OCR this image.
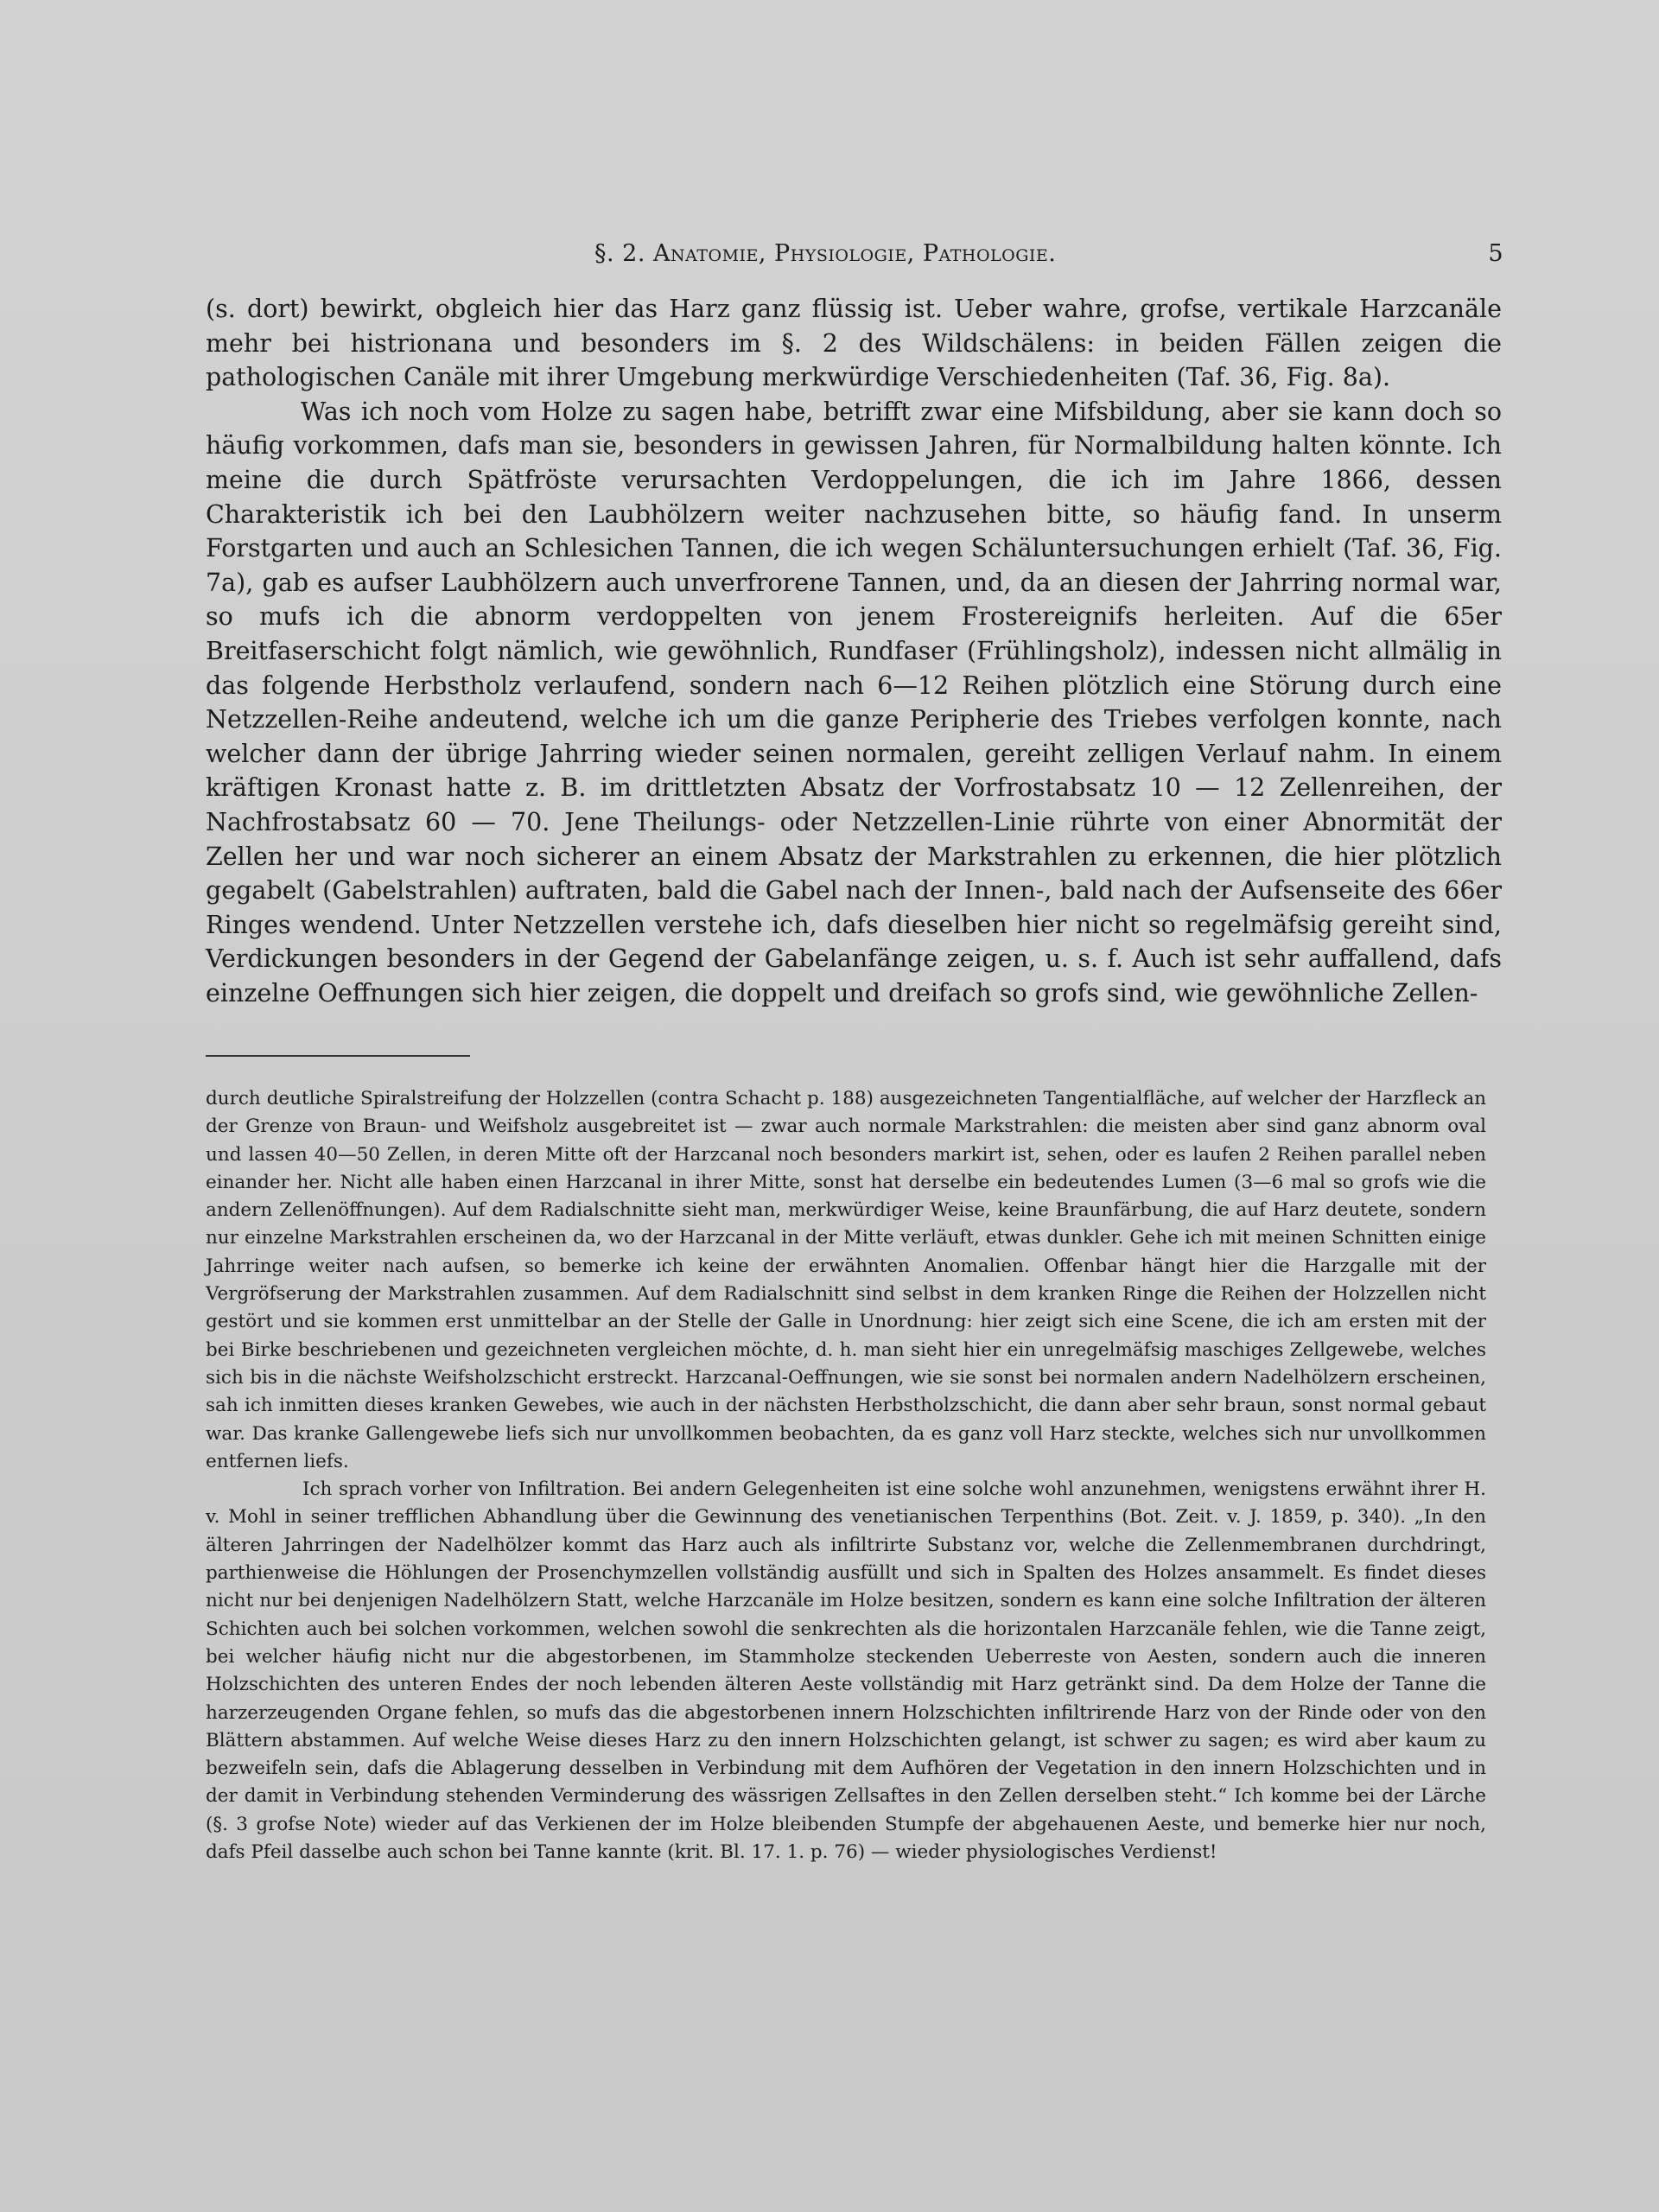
§. 2. Anatomie, Physiologie, Pathologie.	5

(s. dort) bewirkt, obgleich hier das Harz ganz flüssig ist. Ueber wahre, grofse, vertikale Harzcanäle mehr bei histrionana und besonders im §. 2 des Wildschälens: in beiden Fällen zeigen die pathologischen Canäle mit ihrer Umgebung merkwürdige Verschiedenheiten (Taf. 36, Fig. 8a).

Was ich noch vom Holze zu sagen habe, betrifft zwar eine Mifsbildung, aber sie kann doch so häufig vorkommen, dafs man sie, besonders in gewissen Jahren, für Normalbildung halten könnte. Ich meine die durch Spätfröste verursachten Verdoppelungen, die ich im Jahre 1866, dessen Charakteristik ich bei den Laubhölzern weiter nachzusehen bitte, so häufig fand. In unserm Forstgarten und auch an Schlesichen Tannen, die ich wegen Schäluntersuchungen erhielt (Taf. 36, Fig. 7a), gab es aufser Laubhölzern auch unverfrorene Tannen, und, da an diesen der Jahrring normal war, so mufs ich die abnorm verdoppelten von jenem Frostereignifs herleiten. Auf die 65er Breitfaserschicht folgt nämlich, wie gewöhnlich, Rundfaser (Frühlingsholz), indessen nicht allmälig in das folgende Herbstholz verlaufend, sondern nach 6—12 Reihen plötzlich eine Störung durch eine Netzzellen-Reihe andeutend, welche ich um die ganze Peripherie des Triebes verfolgen konnte, nach welcher dann der übrige Jahrring wieder seinen normalen, gereiht zelligen Verlauf nahm. In einem kräftigen Kronast hatte z. B. im drittletzten Absatz der Vorfrostabsatz 10 — 12 Zellenreihen, der Nachfrostabsatz 60 — 70. Jene Theilungs- oder Netzzellen-Linie rührte von einer Abnormität der Zellen her und war noch sicherer an einem Absatz der Markstrahlen zu erkennen, die hier plötzlich gegabelt (Gabelstrahlen) auftraten, bald die Gabel nach der Innen-, bald nach der Aufsenseite des 66er Ringes wendend. Unter Netzzellen verstehe ich, dafs dieselben hier nicht so regelmäfsig gereiht sind, Verdickungen besonders in der Gegend der Gabelanfänge zeigen, u. s. f. Auch ist sehr auffallend, dafs einzelne Oeffnungen sich hier zeigen, die doppelt und dreifach so grofs sind, wie gewöhnliche Zellen-

durch deutliche Spiralstreifung der Holzzellen (contra Schacht p. 188) ausgezeichneten Tangentialfläche, auf welcher der Harzfleck an der Grenze von Braun- und Weifsholz ausgebreitet ist — zwar auch normale Markstrahlen: die meisten aber sind ganz abnorm oval und lassen 40—50 Zellen, in deren Mitte oft der Harzcanal noch besonders markirt ist, sehen, oder es laufen 2 Reihen parallel neben einander her. Nicht alle haben einen Harzcanal in ihrer Mitte, sonst hat derselbe ein bedeutendes Lumen (3—6 mal so grofs wie die andern Zellenöffnungen). Auf dem Radialschnitte sieht man, merkwürdiger Weise, keine Braunfärbung, die auf Harz deutete, sondern nur einzelne Markstrahlen erscheinen da, wo der Harzcanal in der Mitte verläuft, etwas dunkler. Gehe ich mit meinen Schnitten einige Jahrringe weiter nach aufsen, so bemerke ich keine der erwähnten Anomalien. Offenbar hängt hier die Harzgalle mit der Vergröfserung der Markstrahlen zusammen. Auf dem Radialschnitt sind selbst in dem kranken Ringe die Reihen der Holzzellen nicht gestört und sie kommen erst unmittelbar an der Stelle der Galle in Unordnung: hier zeigt sich eine Scene, die ich am ersten mit der bei Birke beschriebenen und gezeichneten vergleichen möchte, d. h. man sieht hier ein unregelmäfsig maschiges Zellgewebe, welches sich bis in die nächste Weifsholzschicht erstreckt. Harzcanal-Oeffnungen, wie sie sonst bei normalen andern Nadelhölzern erscheinen, sah ich inmitten dieses kranken Gewebes, wie auch in der nächsten Herbstholzschicht, die dann aber sehr braun, sonst normal gebaut war. Das kranke Gallengewebe liefs sich nur unvollkommen beobachten, da es ganz voll Harz steckte, welches sich nur unvollkommen entfernen liefs.

Ich sprach vorher von Infiltration. Bei andern Gelegenheiten ist eine solche wohl anzunehmen, wenigstens erwähnt ihrer H. v. Mohl in seiner trefflichen Abhandlung über die Gewinnung des venetianischen Terpenthins (Bot. Zeit. v. J. 1859, p. 340). „In den älteren Jahrringen der Nadelhölzer kommt das Harz auch als infiltrirte Substanz vor, welche die Zellenmembranen durchdringt, parthienweise die Höhlungen der Prosenchymzellen vollständig ausfüllt und sich in Spalten des Holzes ansammelt. Es findet dieses nicht nur bei denjenigen Nadelhölzern Statt, welche Harzcanäle im Holze besitzen, sondern es kann eine solche Infiltration der älteren Schichten auch bei solchen vorkommen, welchen sowohl die senkrechten als die horizontalen Harzcanäle fehlen, wie die Tanne zeigt, bei welcher häufig nicht nur die abgestorbenen, im Stammholze steckenden Ueberreste von Aesten, sondern auch die inneren Holzschichten des unteren Endes der noch lebenden älteren Aeste vollständig mit Harz getränkt sind. Da dem Holze der Tanne die harzerzeugenden Organe fehlen, so mufs das die abgestorbenen innern Holzschichten infiltrirende Harz von der Rinde oder von den Blättern abstammen. Auf welche Weise dieses Harz zu den innern Holzschichten gelangt, ist schwer zu sagen; es wird aber kaum zu bezweifeln sein, dafs die Ablagerung desselben in Verbindung mit dem Aufhören der Vegetation in den innern Holzschichten und in der damit in Verbindung stehenden Verminderung des wässrigen Zellsaftes in den Zellen derselben steht.“ Ich komme bei der Lärche (§. 3 grofse Note) wieder auf das Verkienen der im Holze bleibenden Stumpfe der abgehauenen Aeste, und bemerke hier nur noch, dafs Pfeil dasselbe auch schon bei Tanne kannte (krit. Bl. 17. 1. p. 76) — wieder physiologisches Verdienst!
